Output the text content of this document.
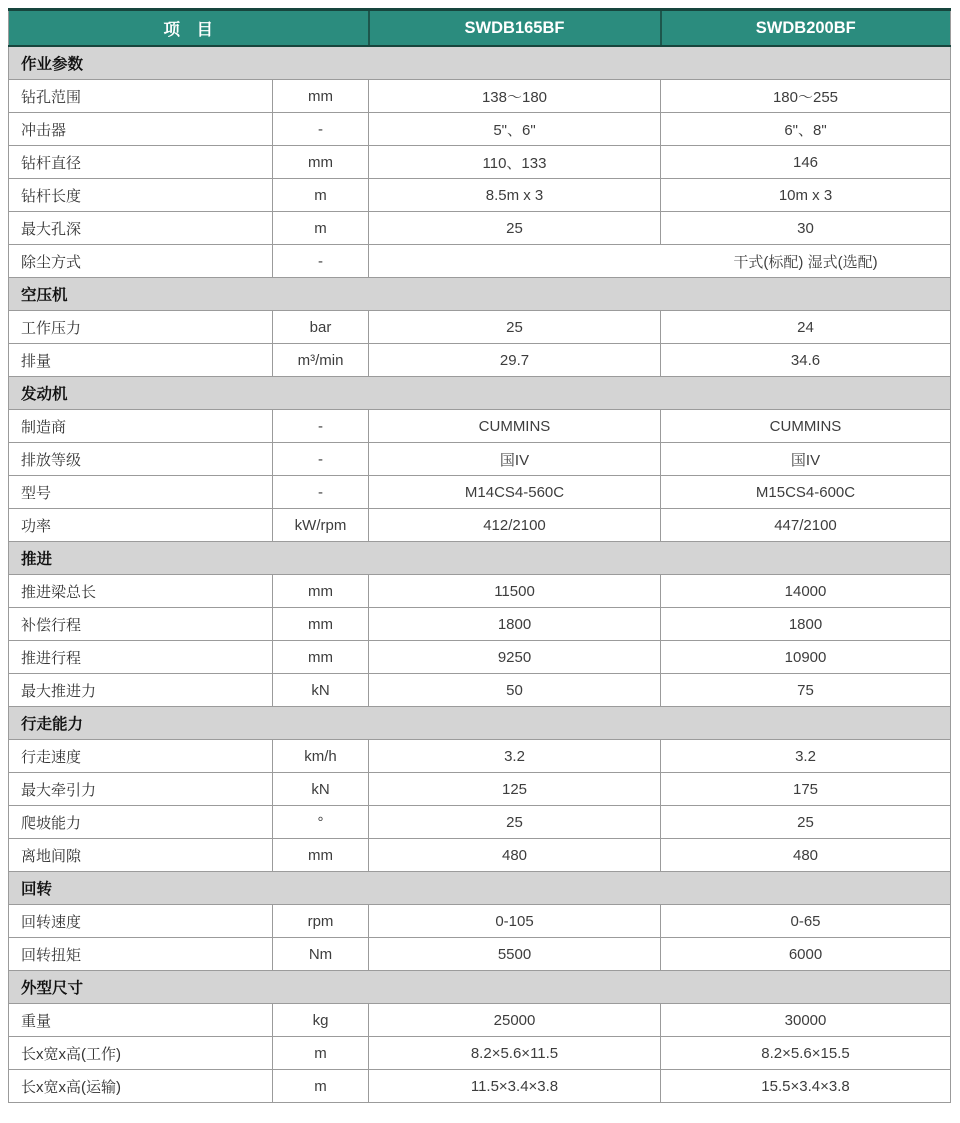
项　目		SWDB165BF	SWDB200BF
作业参数			
钻孔范围	mm	138～180	180～255
冲击器	-	5"、6"	6"、8"
钻杆直径	mm	110、133	146
钻杆长度	m	8.5m x 3	10m x 3
最大孔深	m	25	30
除尘方式	-	干式(标配) 湿式(选配)	
空压机			
工作压力	bar	25	24
排量	m³/min	29.7	34.6
发动机			
制造商	-	CUMMINS	CUMMINS
排放等级	-	国IV	国IV
型号	-	M14CS4-560C	M15CS4-600C
功率	kW/rpm	412/2100	447/2100
推进			
推进梁总长	mm	11500	14000
补偿行程	mm	1800	1800
推进行程	mm	9250	10900
最大推进力	kN	50	75
行走能力			
行走速度	km/h	3.2	3.2
最大牵引力	kN	125	175
爬坡能力	°	25	25
离地间隙	mm	480	480
回转			
回转速度	rpm	0-105	0-65
回转扭矩	Nm	5500	6000
外型尺寸			
重量	kg	25000	30000
长x宽x高(工作)	m	8.2×5.6×11.5	8.2×5.6×15.5
长x宽x高(运输)	m	11.5×3.4×3.8	15.5×3.4×3.8
